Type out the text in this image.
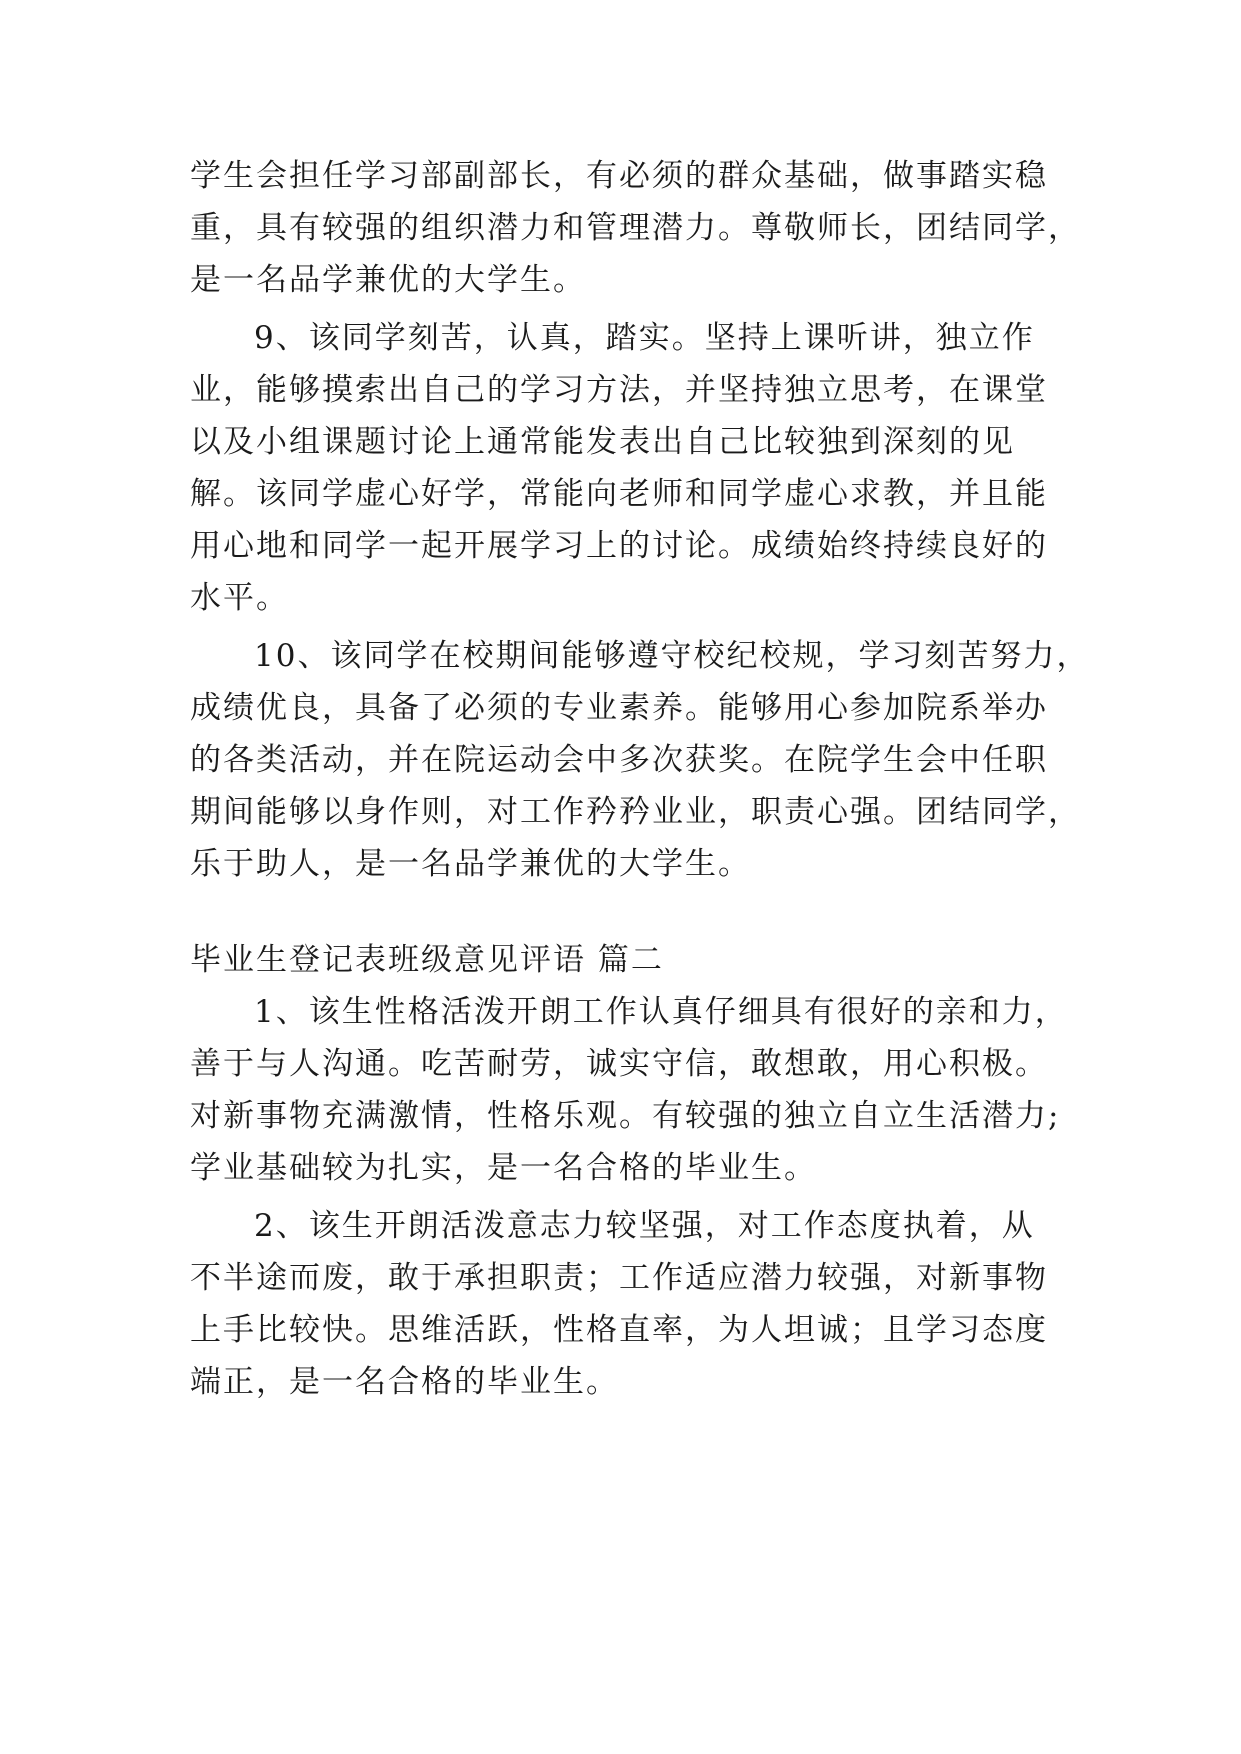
学生会担任学习部副部长，有必须的群众基础，做事踏实稳
重，具有较强的组织潜力和管理潜力。尊敬师长，团结同学，
是一名品学兼优的大学生。
9、该同学刻苦，认真，踏实。坚持上课听讲，独立作
业，能够摸索出自己的学习方法，并坚持独立思考，在课堂
以及小组课题讨论上通常能发表出自己比较独到深刻的见
解。该同学虚心好学，常能向老师和同学虚心求教，并且能
用心地和同学一起开展学习上的讨论。成绩始终持续良好的
水平。
10、该同学在校期间能够遵守校纪校规，学习刻苦努力，
成绩优良，具备了必须的专业素养。能够用心参加院系举办
的各类活动，并在院运动会中多次获奖。在院学生会中任职
期间能够以身作则，对工作矜矜业业，职责心强。团结同学，
乐于助人，是一名品学兼优的大学生。
毕业生登记表班级意见评语 篇二
1、该生性格活泼开朗工作认真仔细具有很好的亲和力，
善于与人沟通。吃苦耐劳，诚实守信，敢想敢，用心积极。
对新事物充满激情，性格乐观。有较强的独立自立生活潜力;
学业基础较为扎实，是一名合格的毕业生。
2、该生开朗活泼意志力较坚强，对工作态度执着，从
不半途而废，敢于承担职责；工作适应潜力较强，对新事物
上手比较快。思维活跃，性格直率，为人坦诚；且学习态度
端正，是一名合格的毕业生。
